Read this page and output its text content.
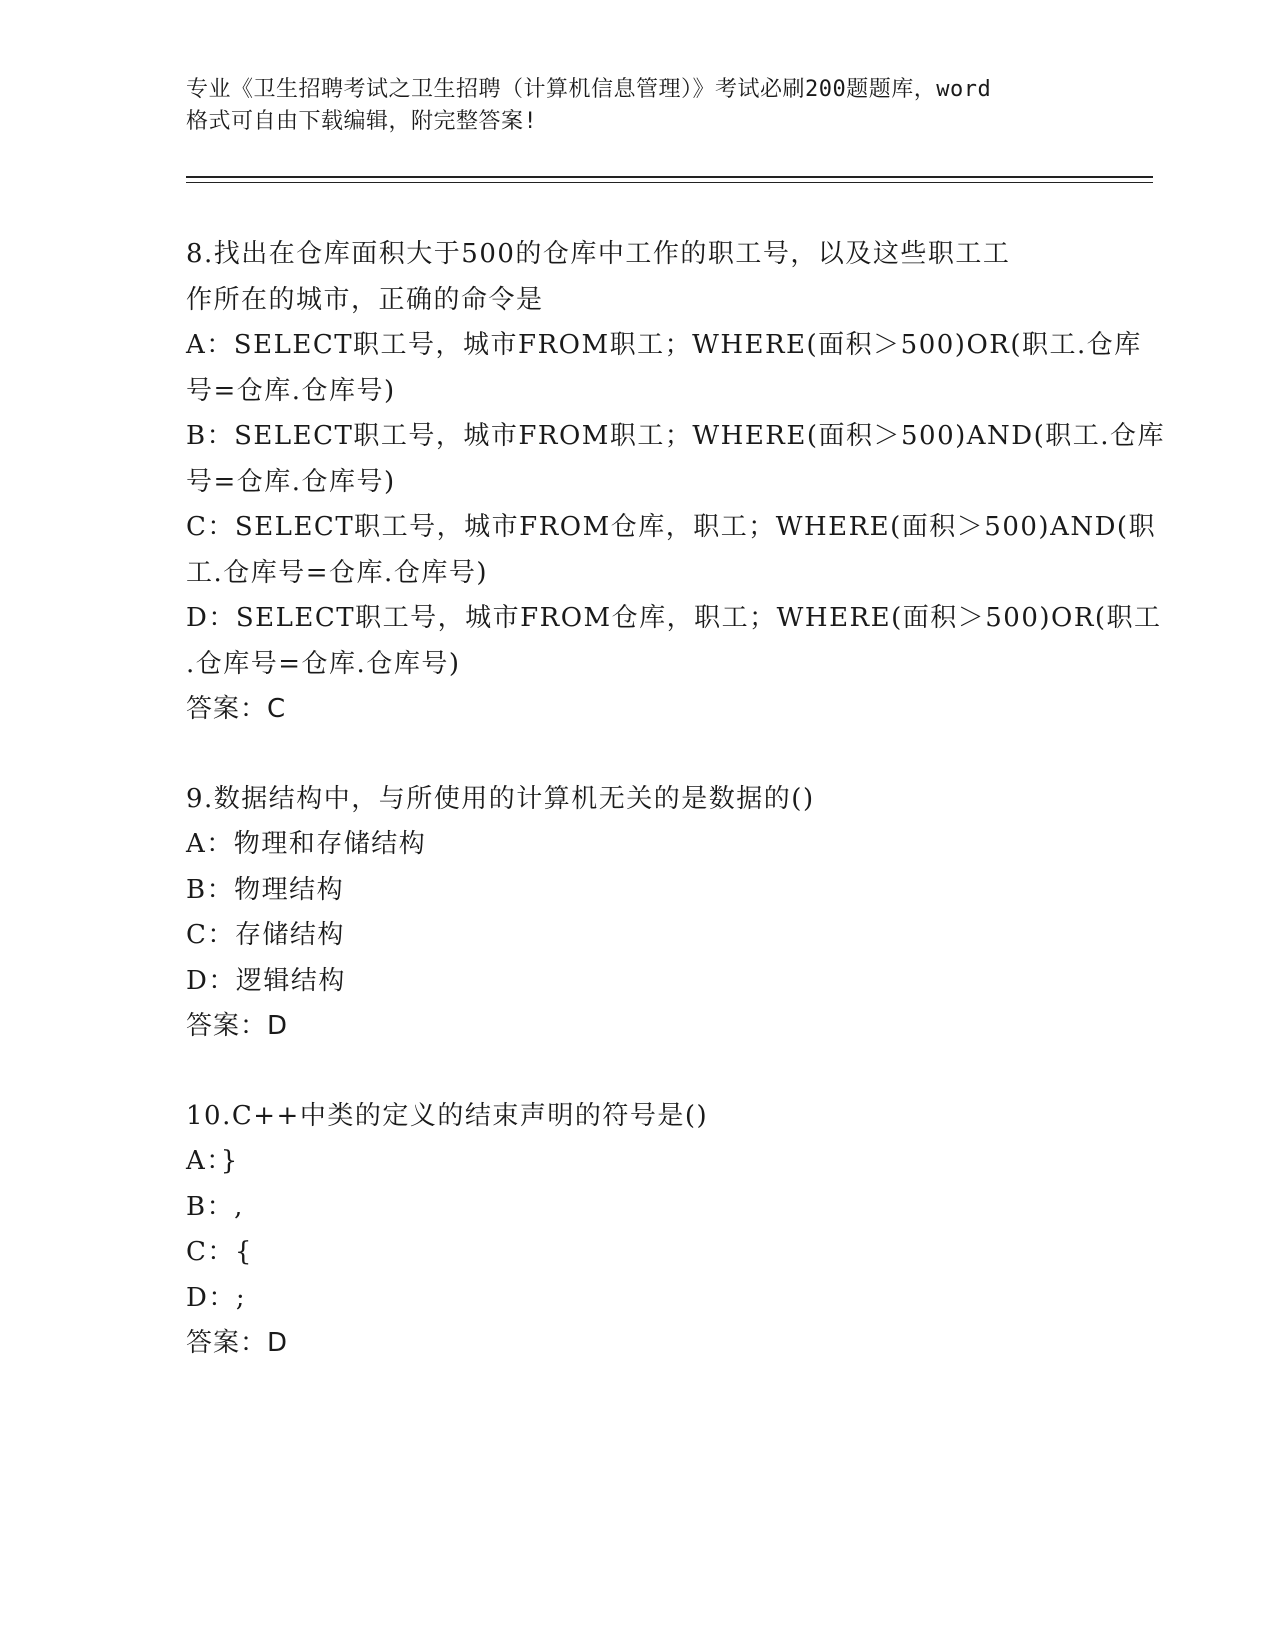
专业《卫生招聘考试之卫生招聘（计算机信息管理）》考试必刷200题题库，word
格式可自由下载编辑，附完整答案!
8.找出在仓库面积大于500的仓库中工作的职工号，以及这些职工工
作所在的城市，正确的命令是
A：SELECT职工号，城市FROM职工；WHERE(面积＞500)OR(职工.仓库
号=仓库.仓库号)
B：SELECT职工号，城市FROM职工；WHERE(面积＞500)AND(职工.仓库
号=仓库.仓库号)
C：SELECT职工号，城市FROM仓库，职工；WHERE(面积＞500)AND(职
工.仓库号=仓库.仓库号)
D：SELECT职工号，城市FROM仓库，职工；WHERE(面积＞500)OR(职工
.仓库号=仓库.仓库号)
答案：C
9.数据结构中，与所使用的计算机无关的是数据的()
A：物理和存储结构
B：物理结构
C：存储结构
D：逻辑结构
答案：D
10.C++中类的定义的结束声明的符号是()
A：}
B：,
C：{
D：;
答案：D
